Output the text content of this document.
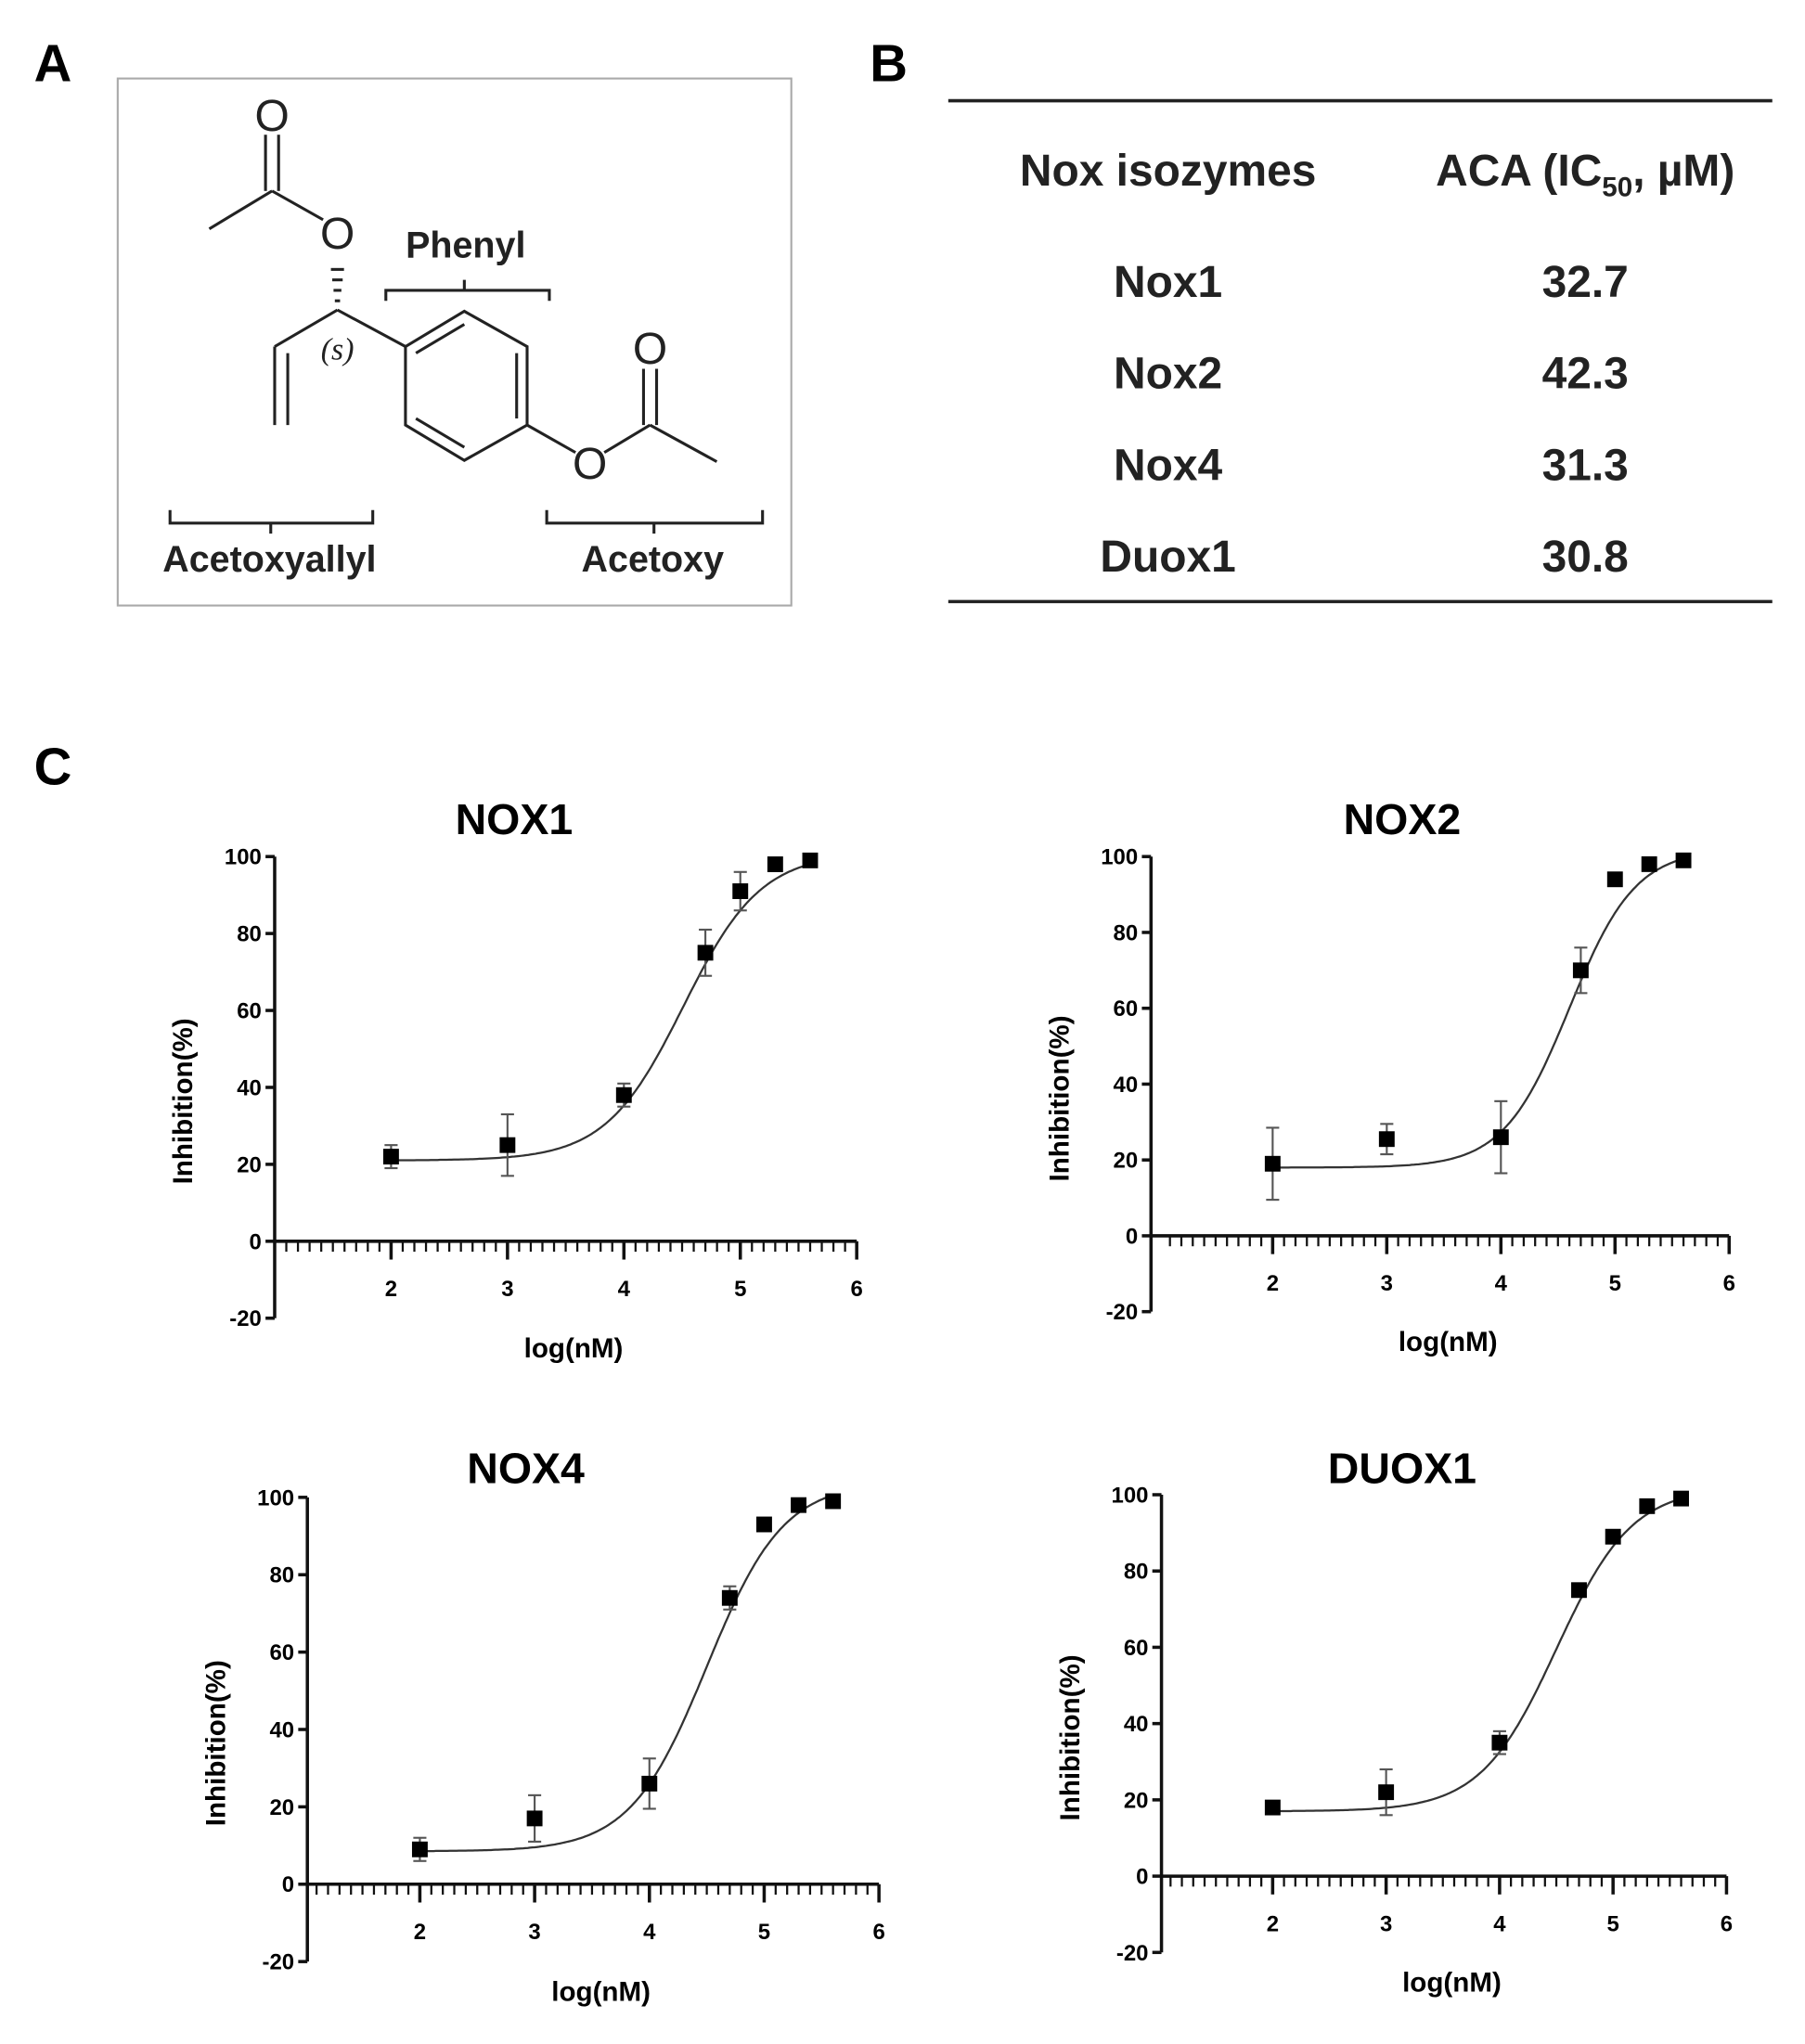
A	B
C
O
O
O
O
(s)
Phenyl
Acetoxyallyl	Acetoxy
Nox isozymes	ACA ($IC_{50}$, µM)
Nox1	32.7
Nox2	42.3
Nox4	31.3
Duox1	30.8
NOX1
-20
0
20
40
60
80
100
2	3	4	5	6
log(nM)
Inhibition(%)
NOX2
-20
0
20
40
60
80
100
2	3	4	5	6
log(nM)
Inhibition(%)
NOX4
-20
0
20
40
60
80
100
2	3	4	5	6
log(nM)
Inhibition(%)
DUOX1
-20
0
20
40
60
80
100
2	3	4	5	6
log(nM)
Inhibition(%)
